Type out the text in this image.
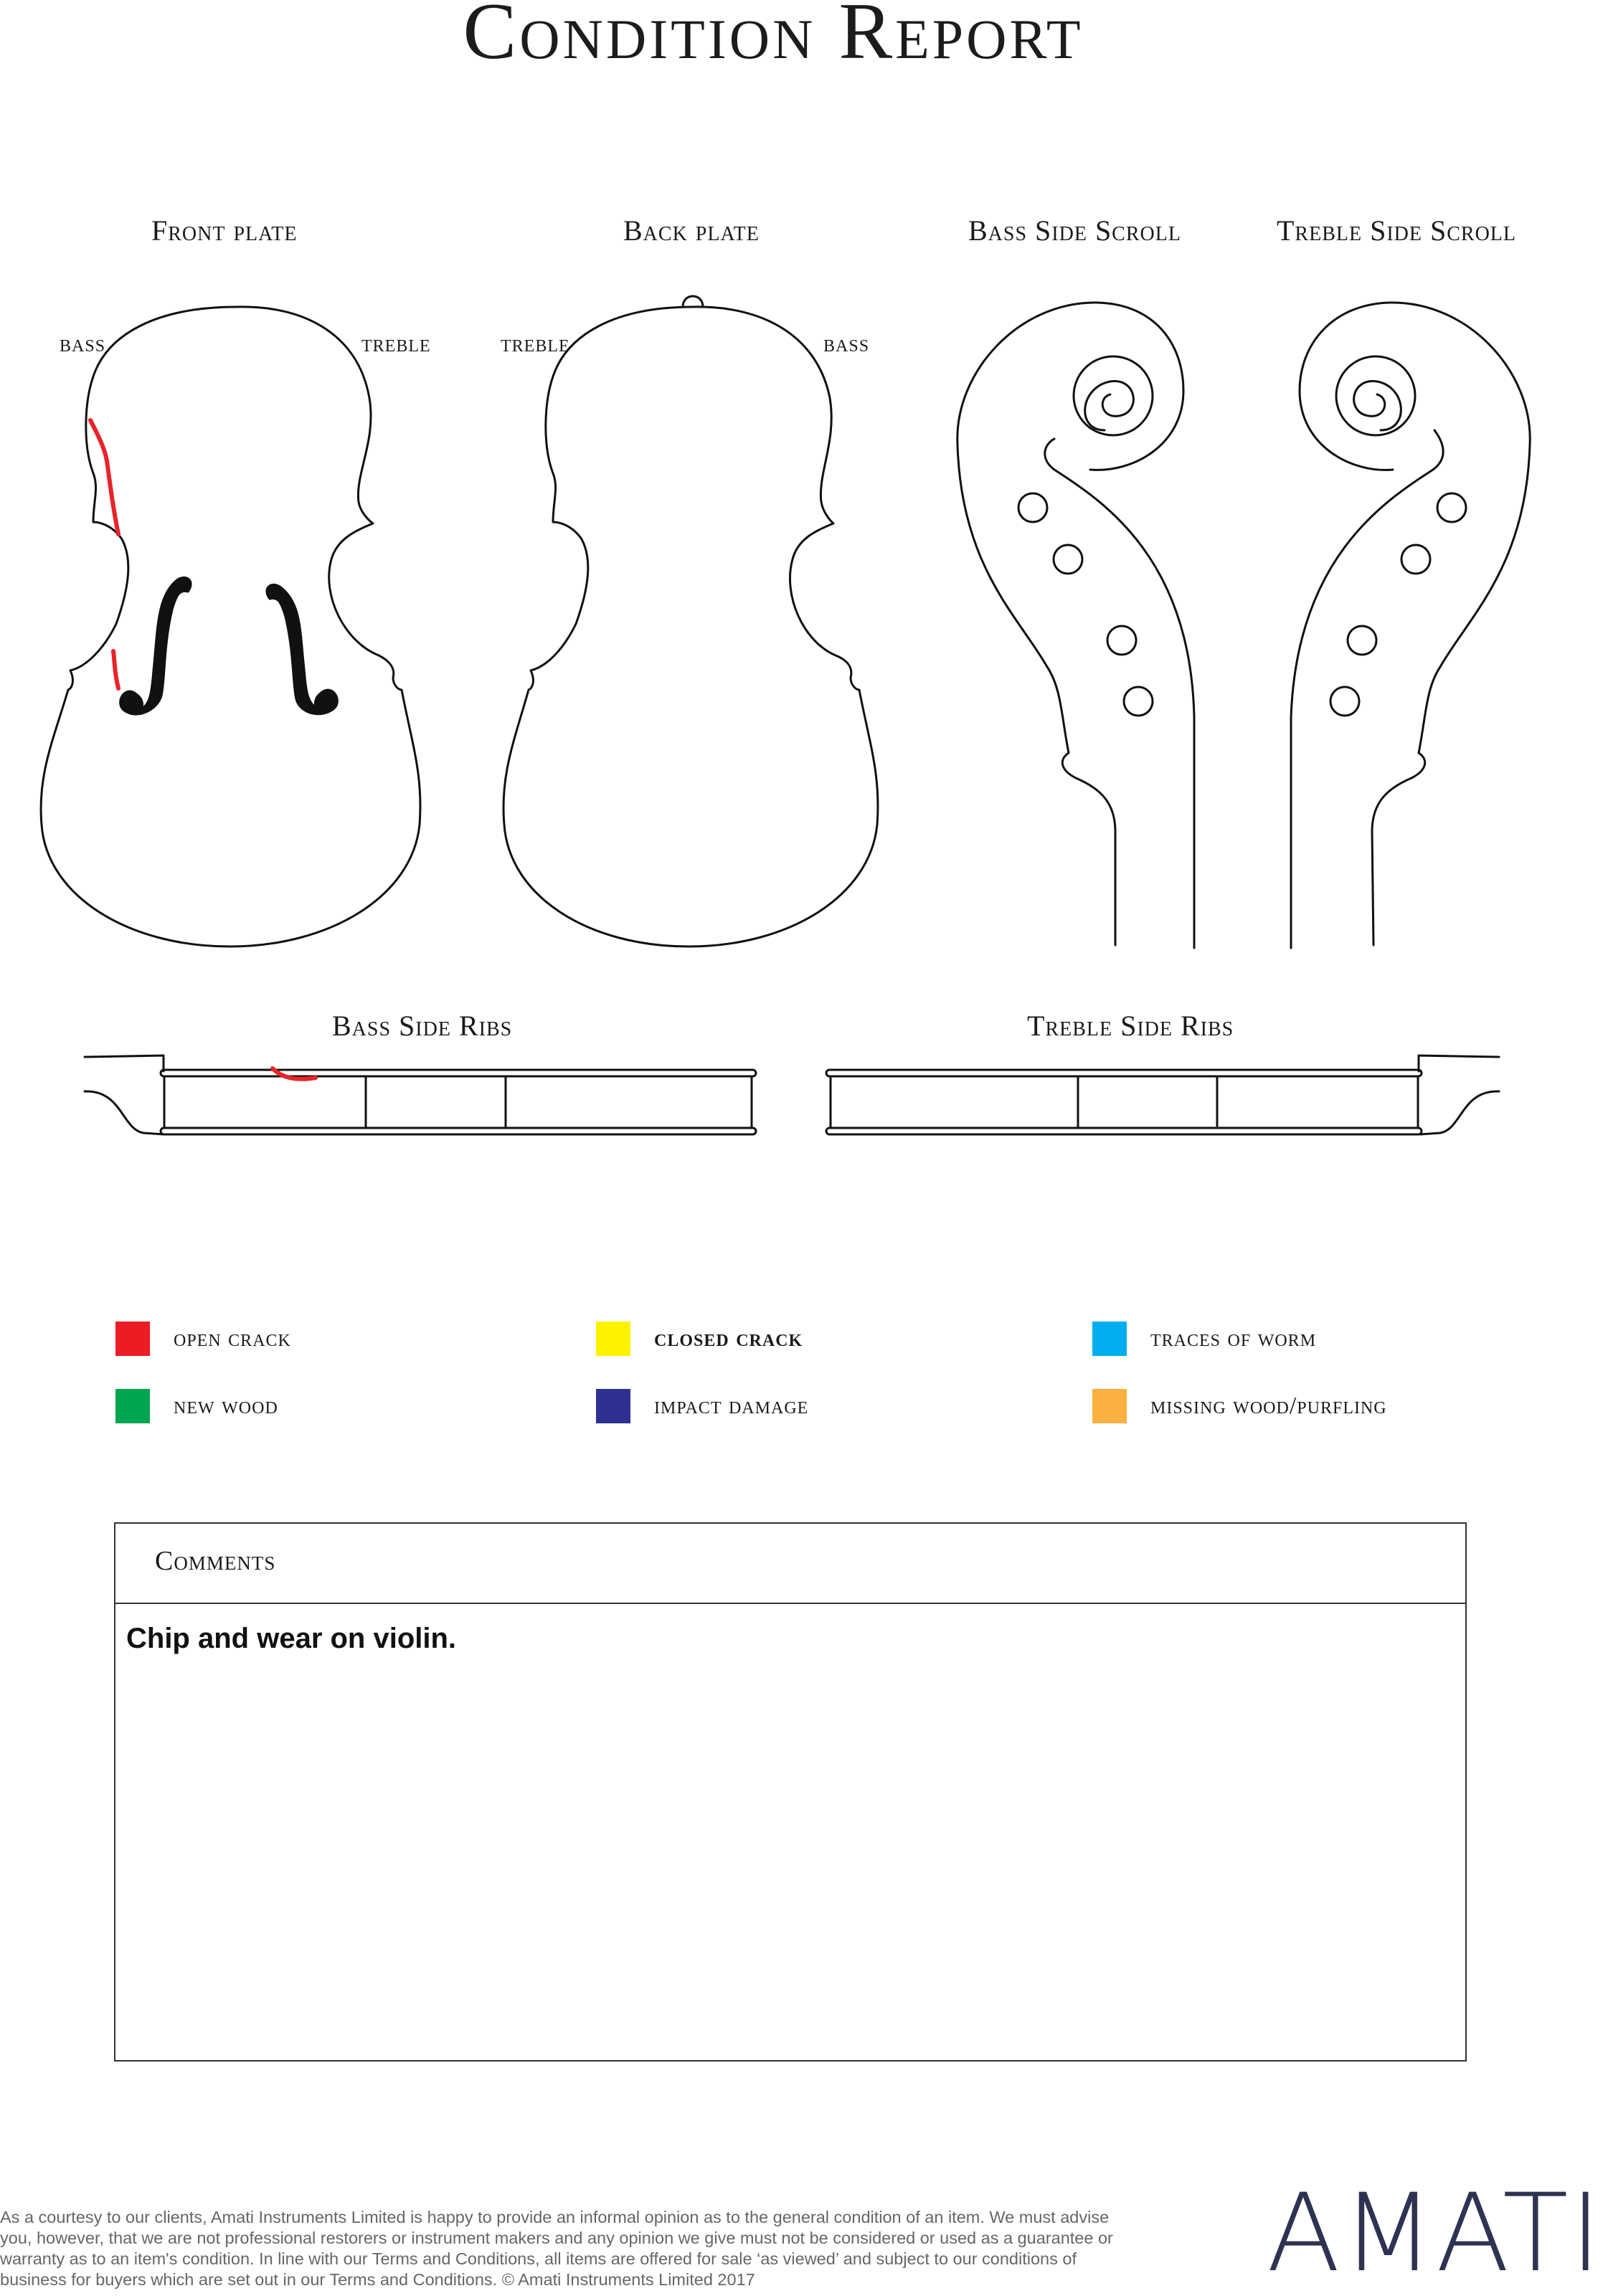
Condition Report
Front plate	Back plate	Bass Side Scroll	Treble Side Scroll
BASS	TREBLE	TREBLE	BASS
Bass Side Ribs	Treble Side Ribs
open crack	closed crack	traces of worm
new wood	impact damage	missing wood/purfling
Comments
Chip and wear on violin.
As a courtesy to our clients, Amati Instruments Limited is happy to provide an informal opinion as to the general condition of an item. We must advise you, however, that we are not professional restorers or instrument makers and any opinion we give must not be considered or used as a guarantee or warranty as to an item's condition. In line with our Terms and Conditions, all items are offered for sale ‘as viewed’ and subject to our conditions of business for buyers which are set out in our Terms and Conditions. © Amati Instruments Limited 2017	AMATI
